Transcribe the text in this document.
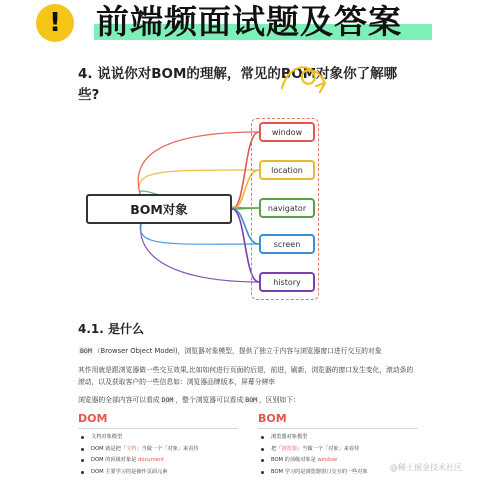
! 前端频面试题及答案
4. 说说你对BOM的理解，常见的BOM对象你了解哪些?
BOM对象
window
location
navigator
screen
history
4.1. 是什么
BOM （Browser Object Model)，浏览器对象模型，提供了独立于内容与浏览器窗口进行交互的对象
其作用就是跟浏览器做一些交互效果,比如如何进行页面的后退，前进，刷新，浏览器的窗口发生变化，滚动条的滚动，以及获取客户的一些信息如：浏览器品牌版本，屏幕分辨率
浏览器的全部内容可以看成 DOM ，整个浏览器可以看成 BOM ，区别如下：
DOM
文档对象模型
DOM 就是把「文档」当做一个「对象」来看待
DOM 的顶级对象是 document
DOM 主要学习的是操作页面元素
BOM
浏览器对象模型
把「浏览器」当做一个「对象」来看待
BOM 的顶级对象是 window
BOM 学习的是浏览器窗口交互的一些对象	@稀土掘金技术社区
